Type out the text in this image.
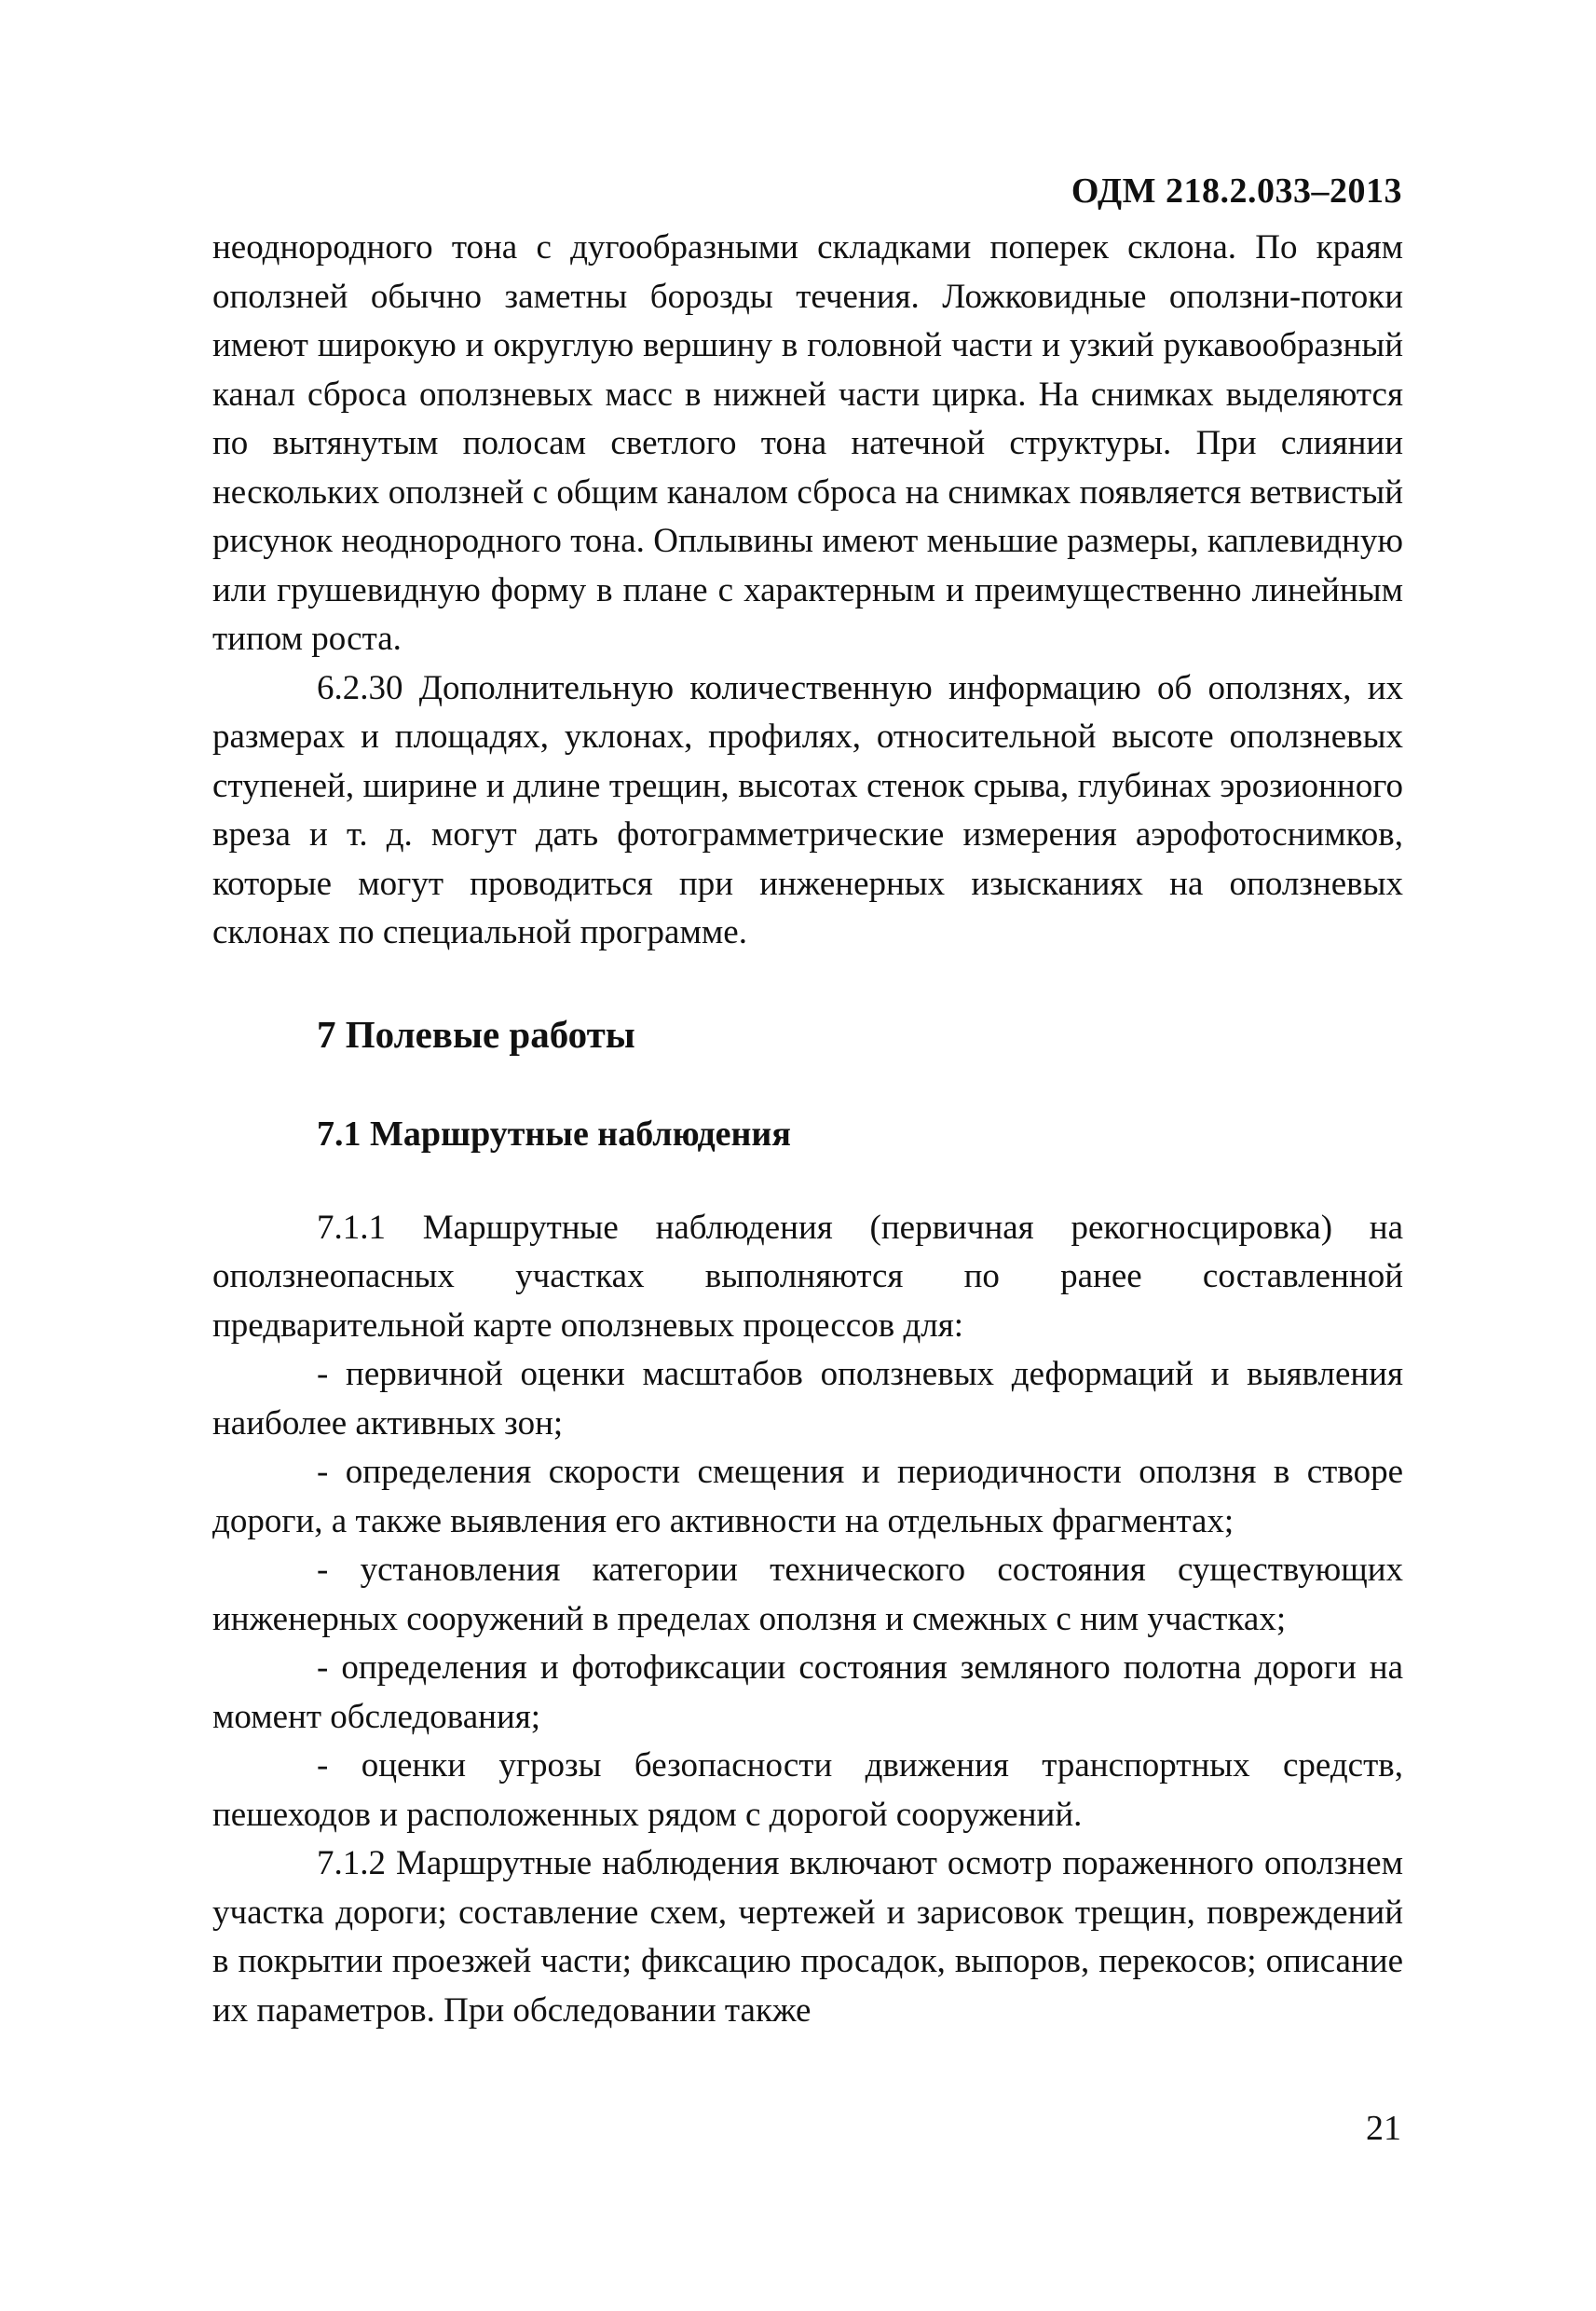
ОДМ 218.2.033–2013

неоднородного тона с дугообразными складками поперек склона. По краям оползней обычно заметны борозды течения. Ложковидные оползни-потоки имеют широкую и округлую вершину в головной части и узкий рукавообразный канал сброса оползневых масс в нижней части цирка. На снимках выделяются по вытянутым полосам светлого тона натечной структуры. При слиянии нескольких оползней с общим каналом сброса на снимках появляется ветвистый рисунок неоднородного тона. Оплывины имеют меньшие размеры, каплевидную или грушевидную форму в плане с характерным и преимущественно линейным типом роста.

6.2.30 Дополнительную количественную информацию об оползнях, их размерах и площадях, уклонах, профилях, относительной высоте оползневых ступеней, ширине и длине трещин, высотах стенок срыва, глубинах эрозионного вреза и т. д. могут дать фотограмметрические измерения аэрофотоснимков, которые могут проводиться при инженерных изысканиях на оползневых склонах по специальной программе.

7 Полевые работы
7.1 Маршрутные наблюдения

7.1.1 Маршрутные наблюдения (первичная рекогносцировка) на оползнеопасных участках выполняются по ранее составленной предварительной карте оползневых процессов для:

- первичной оценки масштабов оползневых деформаций и выявления наиболее активных зон;

- определения скорости смещения и периодичности оползня в створе дороги, а также выявления его активности на отдельных фрагментах;

- установления категории технического состояния существующих инженерных сооружений в пределах оползня и смежных с ним участках;

- определения и фотофиксации состояния земляного полотна дороги на момент обследования;

- оценки угрозы безопасности движения транспортных средств, пешеходов и расположенных рядом с дорогой сооружений.

7.1.2 Маршрутные наблюдения включают осмотр пораженного оползнем участка дороги; составление схем, чертежей и зарисовок трещин, повреждений в покрытии проезжей части; фиксацию просадок, выпоров, перекосов; описание их параметров. При обследовании также

21
